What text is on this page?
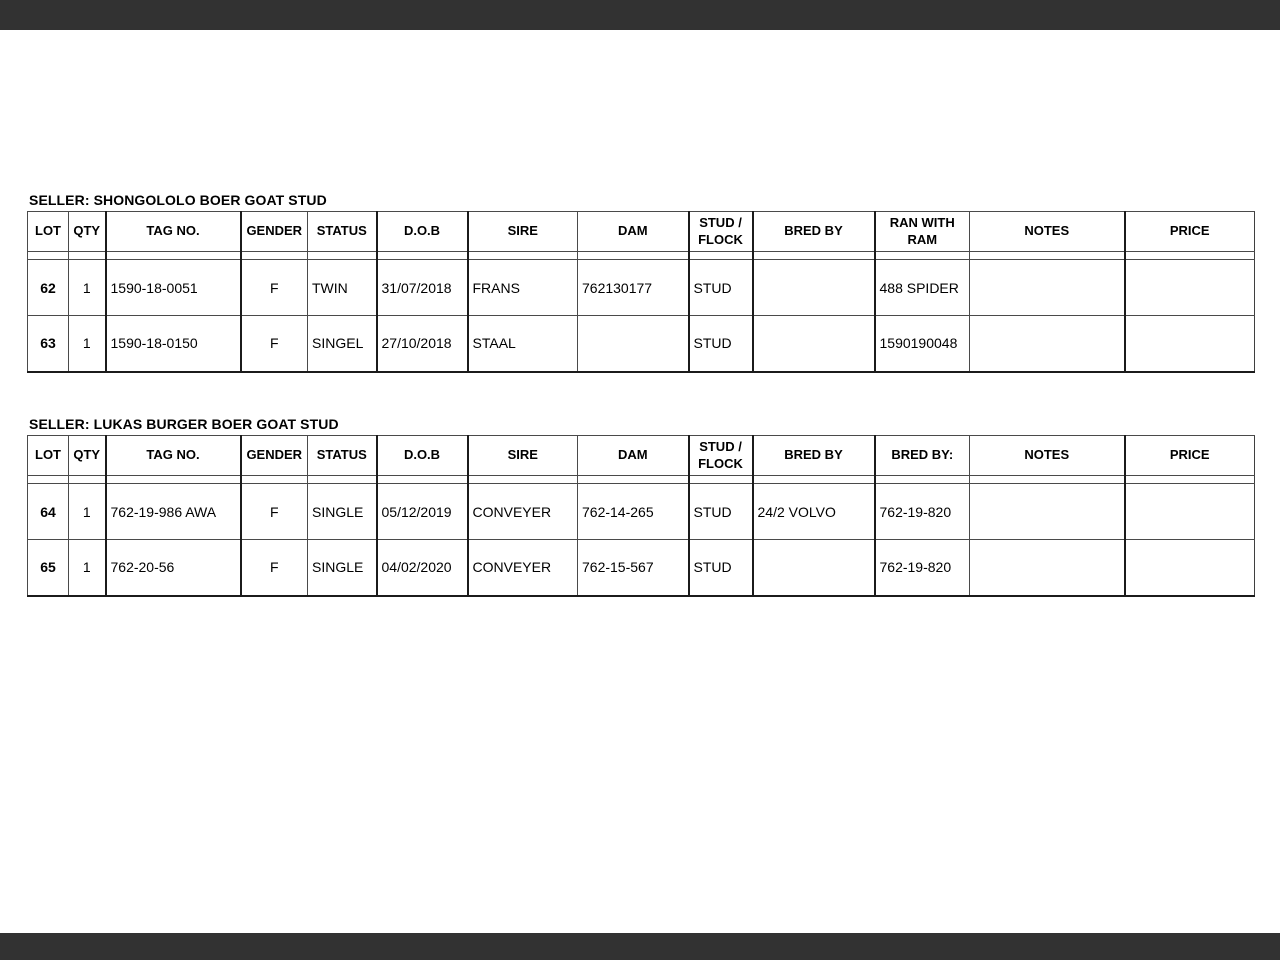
SELLER: SHONGOLOLO BOER GOAT STUD
LOT	QTY	TAG NO.	GENDER	STATUS	D.O.B	SIRE	DAM	STUD / FLOCK	BRED BY	RAN WITH RAM	NOTES	PRICE

62	1	1590-18-0051	F	TWIN	31/07/2018	FRANS	762130177	STUD		488 SPIDER		
63	1	1590-18-0150	F	SINGEL	27/10/2018	STAAL		STUD		1590190048		
SELLER: LUKAS BURGER BOER GOAT STUD
LOT	QTY	TAG NO.	GENDER	STATUS	D.O.B	SIRE	DAM	STUD / FLOCK	BRED BY	BRED BY:	NOTES	PRICE

64	1	762-19-986 AWA	F	SINGLE	05/12/2019	CONVEYER	762-14-265	STUD	24/2 VOLVO	762-19-820		
65	1	762-20-56	F	SINGLE	04/02/2020	CONVEYER	762-15-567	STUD		762-19-820		
